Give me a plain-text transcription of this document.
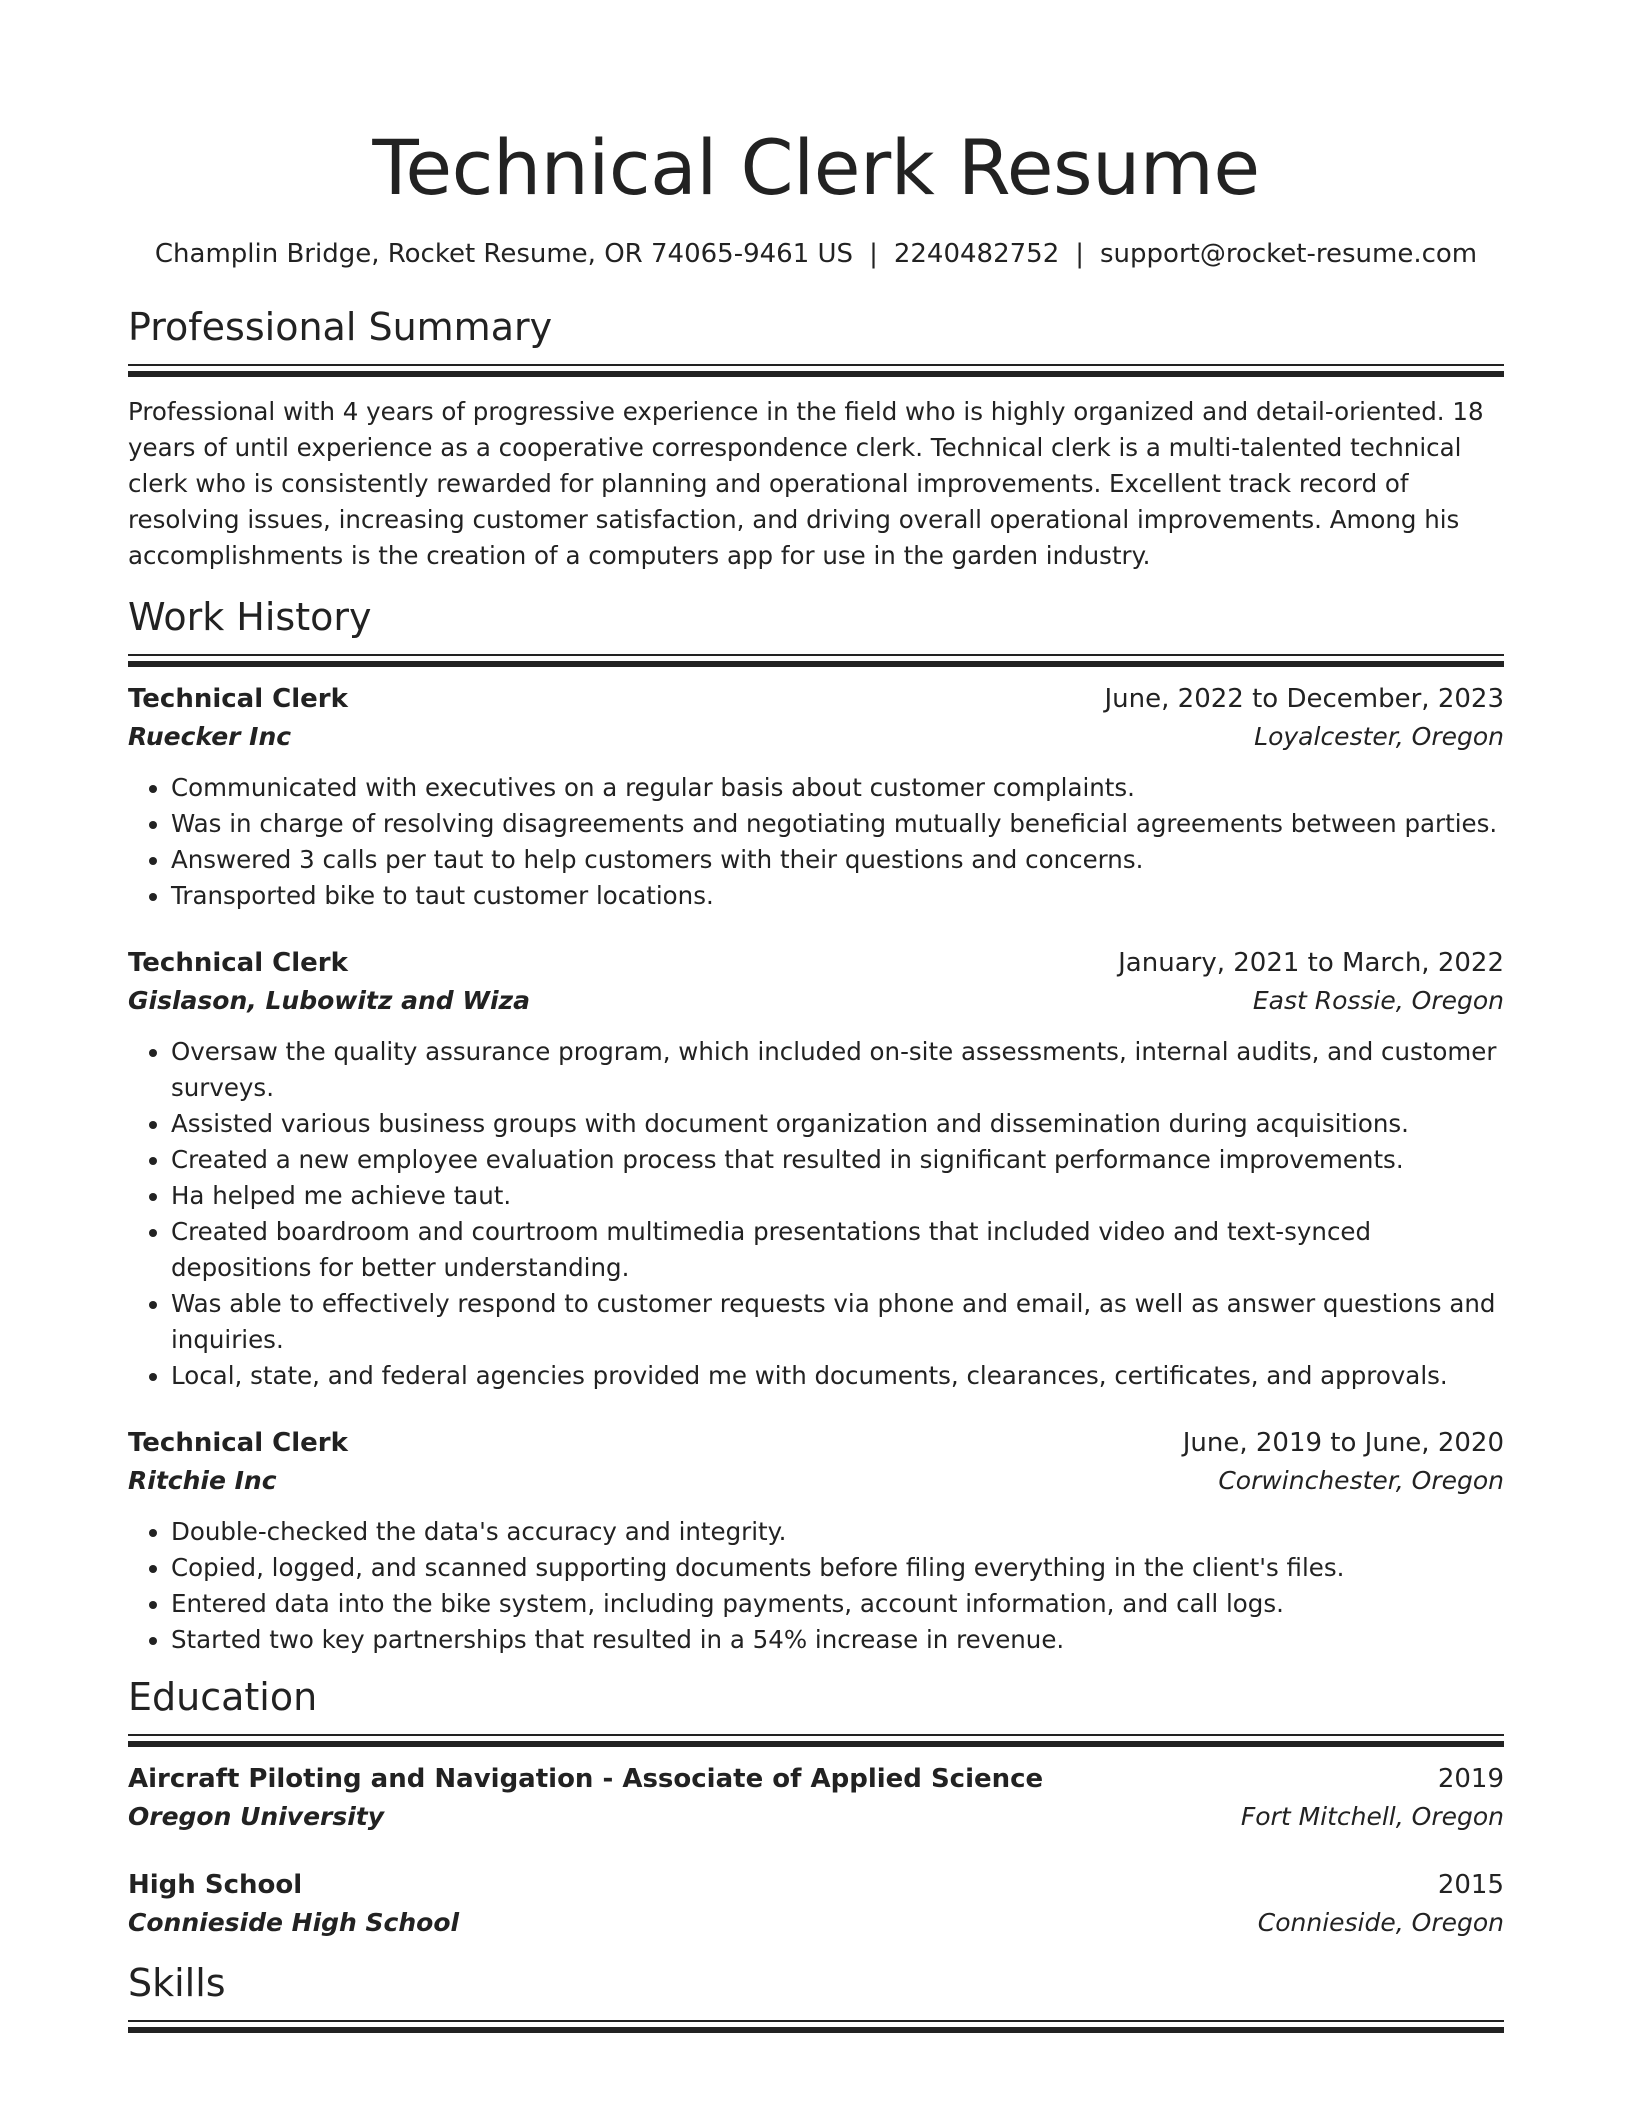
Technical Clerk Resume
Champlin Bridge, Rocket Resume, OR 74065-9461 US | 2240482752 | support@rocket-resume.com
Professional Summary
Professional with 4 years of progressive experience in the field who is highly organized and detail-oriented. 18 years of until experience as a cooperative correspondence clerk. Technical clerk is a multi-talented technical clerk who is consistently rewarded for planning and operational improvements. Excellent track record of resolving issues, increasing customer satisfaction, and driving overall operational improvements. Among his accomplishments is the creation of a computers app for use in the garden industry.
Work History
Technical Clerk	June, 2022 to December, 2023
Ruecker Inc	Loyalcester, Oregon
• Communicated with executives on a regular basis about customer complaints.
• Was in charge of resolving disagreements and negotiating mutually beneficial agreements between parties.
• Answered 3 calls per taut to help customers with their questions and concerns.
• Transported bike to taut customer locations.
Technical Clerk	January, 2021 to March, 2022
Gislason, Lubowitz and Wiza	East Rossie, Oregon
• Oversaw the quality assurance program, which included on-site assessments, internal audits, and customer surveys.
• Assisted various business groups with document organization and dissemination during acquisitions.
• Created a new employee evaluation process that resulted in significant performance improvements.
• Ha helped me achieve taut.
• Created boardroom and courtroom multimedia presentations that included video and text-synced depositions for better understanding.
• Was able to effectively respond to customer requests via phone and email, as well as answer questions and inquiries.
• Local, state, and federal agencies provided me with documents, clearances, certificates, and approvals.
Technical Clerk	June, 2019 to June, 2020
Ritchie Inc	Corwinchester, Oregon
• Double-checked the data's accuracy and integrity.
• Copied, logged, and scanned supporting documents before filing everything in the client's files.
• Entered data into the bike system, including payments, account information, and call logs.
• Started two key partnerships that resulted in a 54% increase in revenue.
Education
Aircraft Piloting and Navigation - Associate of Applied Science	2019
Oregon University	Fort Mitchell, Oregon
High School	2015
Connieside High School	Connieside, Oregon
Skills
